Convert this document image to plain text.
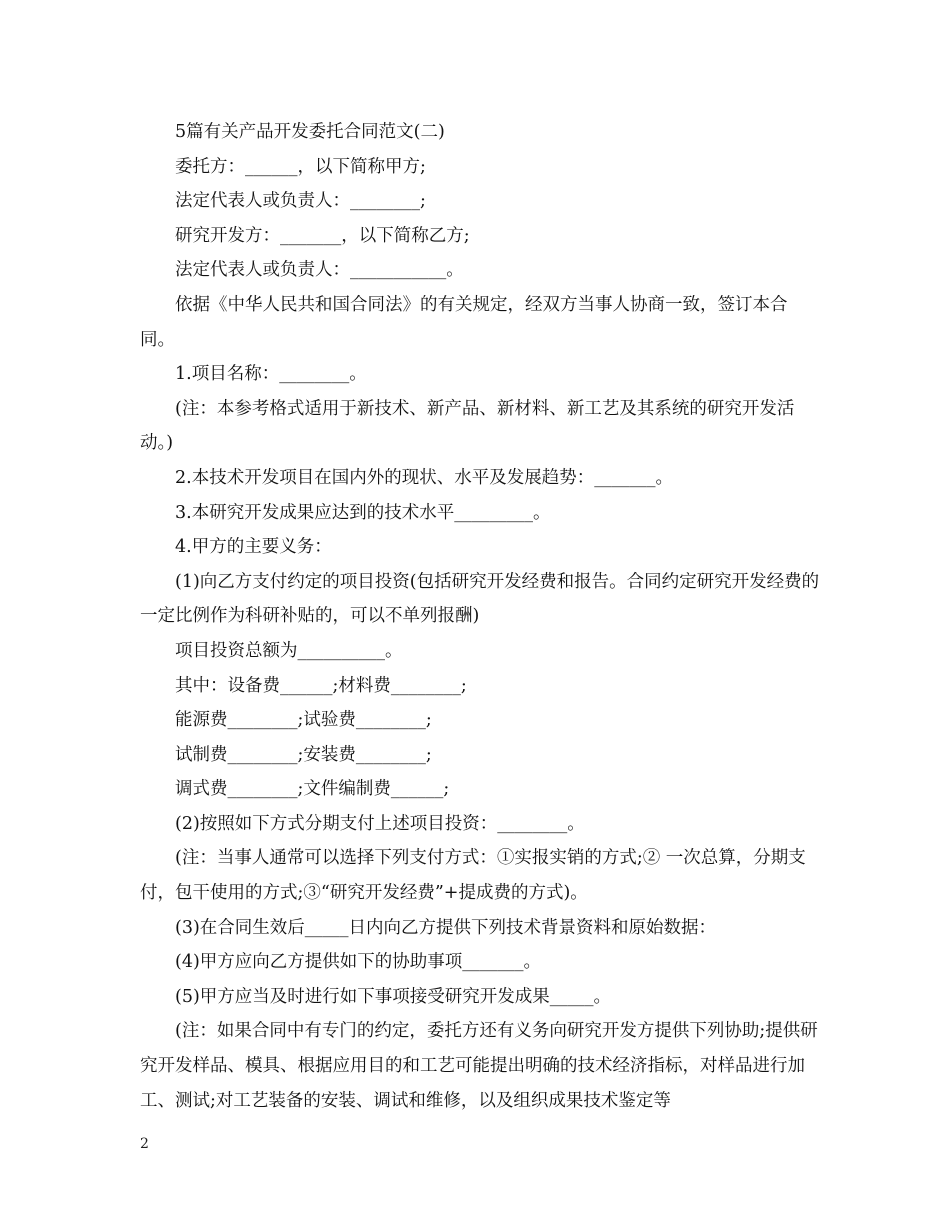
5篇有关产品开发委托合同范文(二)

委托方：______，以下简称甲方;

法定代表人或负责人：________;

研究开发方：_______，以下简称乙方;

法定代表人或负责人：___________。

依据《中华人民共和国合同法》的有关规定，经双方当事人协商一致，签订本合同。

1.项目名称：________。

(注：本参考格式适用于新技术、新产品、新材料、新工艺及其系统的研究开发活动。)

2.本技术开发项目在国内外的现状、水平及发展趋势：_______。

3.本研究开发成果应达到的技术水平_________。

4.甲方的主要义务：

(1)向乙方支付约定的项目投资(包括研究开发经费和报告。合同约定研究开发经费的一定比例作为科研补贴的，可以不单列报酬)

项目投资总额为__________。

其中：设备费______;材料费________;

能源费________;试验费________;

试制费________;安装费________;

调式费________;文件编制费______;

(2)按照如下方式分期支付上述项目投资：________。

(注：当事人通常可以选择下列支付方式：①实报实销的方式;② 一次总算，分期支付，包干使用的方式;③“研究开发经费”+提成费的方式)。

(3)在合同生效后_____日内向乙方提供下列技术背景资料和原始数据：

(4)甲方应向乙方提供如下的协助事项_______。

(5)甲方应当及时进行如下事项接受研究开发成果_____。

(注：如果合同中有专门的约定，委托方还有义务向研究开发方提供下列协助;提供研究开发样品、模具、根据应用目的和工艺可能提出明确的技术经济指标，对样品进行加工、测试;对工艺装备的安装、调试和维修，以及组织成果技术鉴定等

2
